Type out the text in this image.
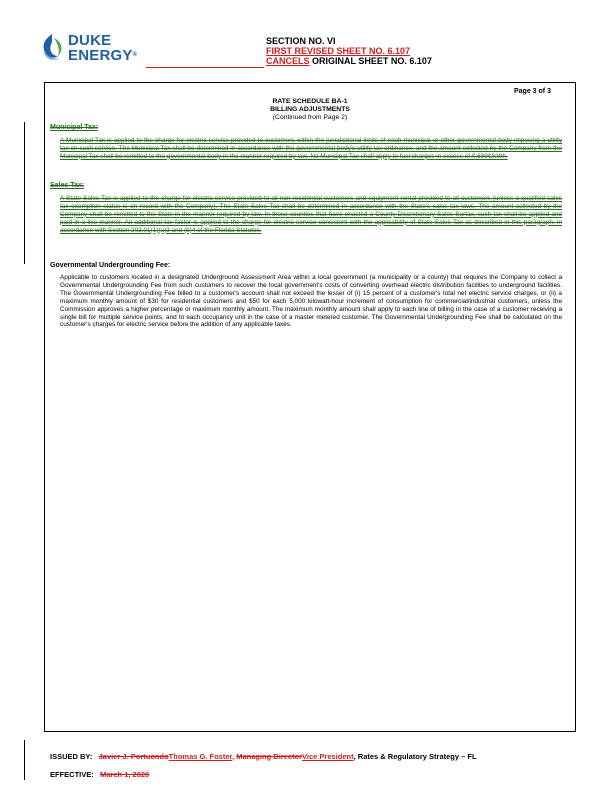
DUKE
ENERGY®
SECTION NO. VI
FIRST REVISED SHEET NO. 6.107
CANCELS ORIGINAL SHEET NO. 6.107
Page 3 of 3
RATE SCHEDULE BA-1
BILLING ADJUSTMENTS
(Continued from Page 2)
Municipal Tax:

A Municipal Tax is applied to the charge for electric service provided to customers within the jurisdictional limits of each municipal or other governmental body imposing a utility tax on such service. The Municipal Tax shall be determined in accordance with the governmental body's utility tax ordinance, and the amount collected by the Company from the Municipal Tax shall be remitted to the governmental body in the manner required by law. No Municipal Tax shall apply to fuel charges in excess of 0.699¢/kWh.

Sales Tax:

A State Sales Tax is applied to the charge for electric service provided to all non-residential customers and equipment rental provided to all customers (unless a qualified sales tax exemption status is on record with the Company). The State Sales Tax shall be determined in accordance with the State's sales tax laws. The amount collected by the Company shall be remitted to the State in the manner required by law. In those counties that have enacted a County Discretionary Sales Surtax, such tax shall be applied and paid in a like manner. An additional tax factor is applied to the charge for electric service consistent with the applicability of State Sales Tax as described in this paragraph, in accordance with Section 203.01(1)(a)3 and (b)4 of the Florida Statutes.

Governmental Undergrounding Fee:

Applicable to customers located in a designated Underground Assessment Area within a local government (a municipality or a county) that requires the Company to collect a Governmental Undergrounding Fee from such customers to recover the local government's costs of converting overhead electric distribution facilities to underground facilities. The Governmental Undergrounding Fee billed to a customer's account shall not exceed the lesser of (i) 15 percent of a customer's total net electric service charges, or (ii) a maximum monthly amount of $30 for residential customers and $50 for each 5,000 kilowatt-hour increment of consumption for commercial/industrial customers, unless the Commission approves a higher percentage or maximum monthly amount. The maximum monthly amount shall apply to each line of billing in the case of a customer receiving a single bill for multiple service points, and to each occupancy unit in the case of a master metered customer. The Governmental Undergrounding Fee shall be calculated on the customer's charges for electric service before the addition of any applicable taxes.

ISSUED BY: Javier J. PortuondoThomas G. Foster, Managing DirectorVice President, Rates & Regulatory Strategy – FL
EFFECTIVE: March 1, 2020
